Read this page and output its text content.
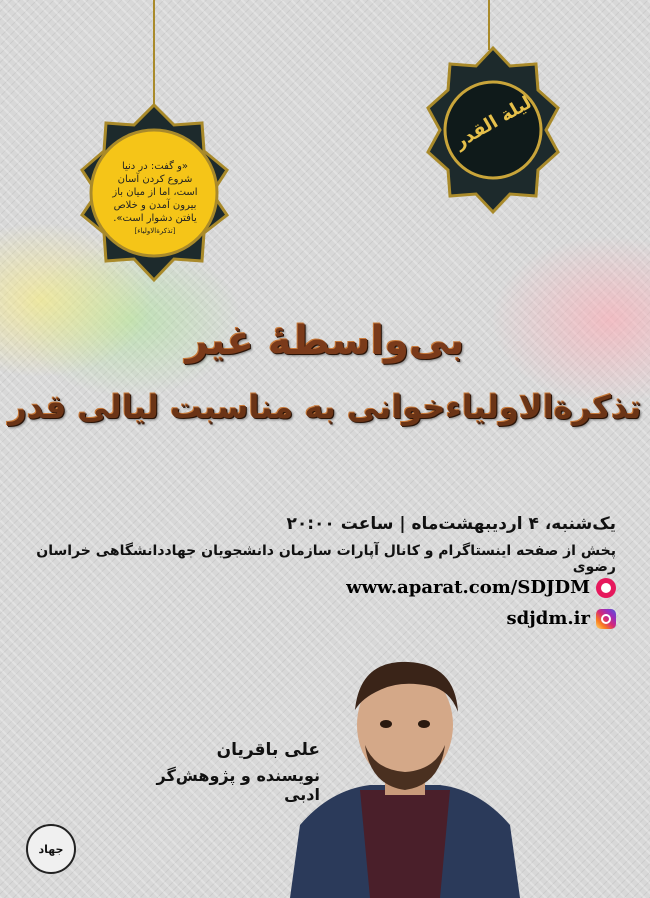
«و گفت: در دنیا
شروع کردن آسان
است، اما از میان باز
بیرون آمدن و خلاص
یافتن دشوار است».
[تذکرة‌الاولیاء]
لیلة القدر
بی‌واسطهٔ غیر
تذکرة‌الاولیاءخوانی به مناسبت لیالی قدر
یک‌شنبه، ۴ اردیبهشت‌ماه | ساعت ۲۰:۰۰
پخش از صفحه اینستاگرام و کانال آپارات سازمان دانشجویان جهاددانشگاهی خراسان رضوی
www.aparat.com/SDJDM
sdjdm.ir
علی باقریان
نویسنده و پژوهش‌گر ادبی
جهاد
